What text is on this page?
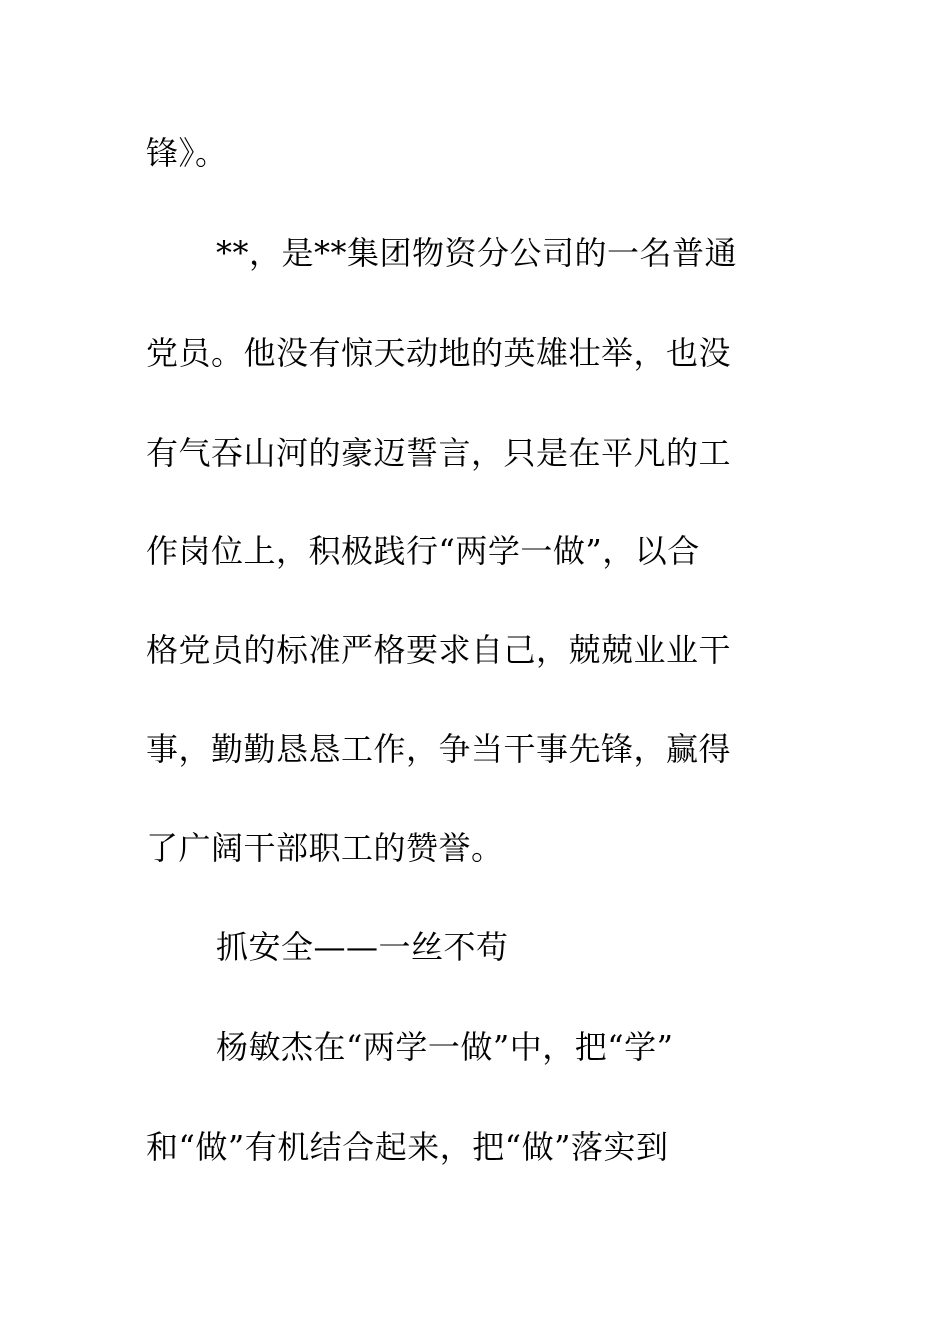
锋》。
**，是**集团物资分公司的一名普通
党员。他没有惊天动地的英雄壮举，也没
有气吞山河的豪迈誓言，只是在平凡的工
作岗位上，积极践行“两学一做”，以合
格党员的标准严格要求自己，兢兢业业干
事，勤勤恳恳工作，争当干事先锋，赢得
了广阔干部职工的赞誉。
抓安全——一丝不苟
杨敏杰在“两学一做”中，把“学”
和“做”有机结合起来，把“做”落实到
